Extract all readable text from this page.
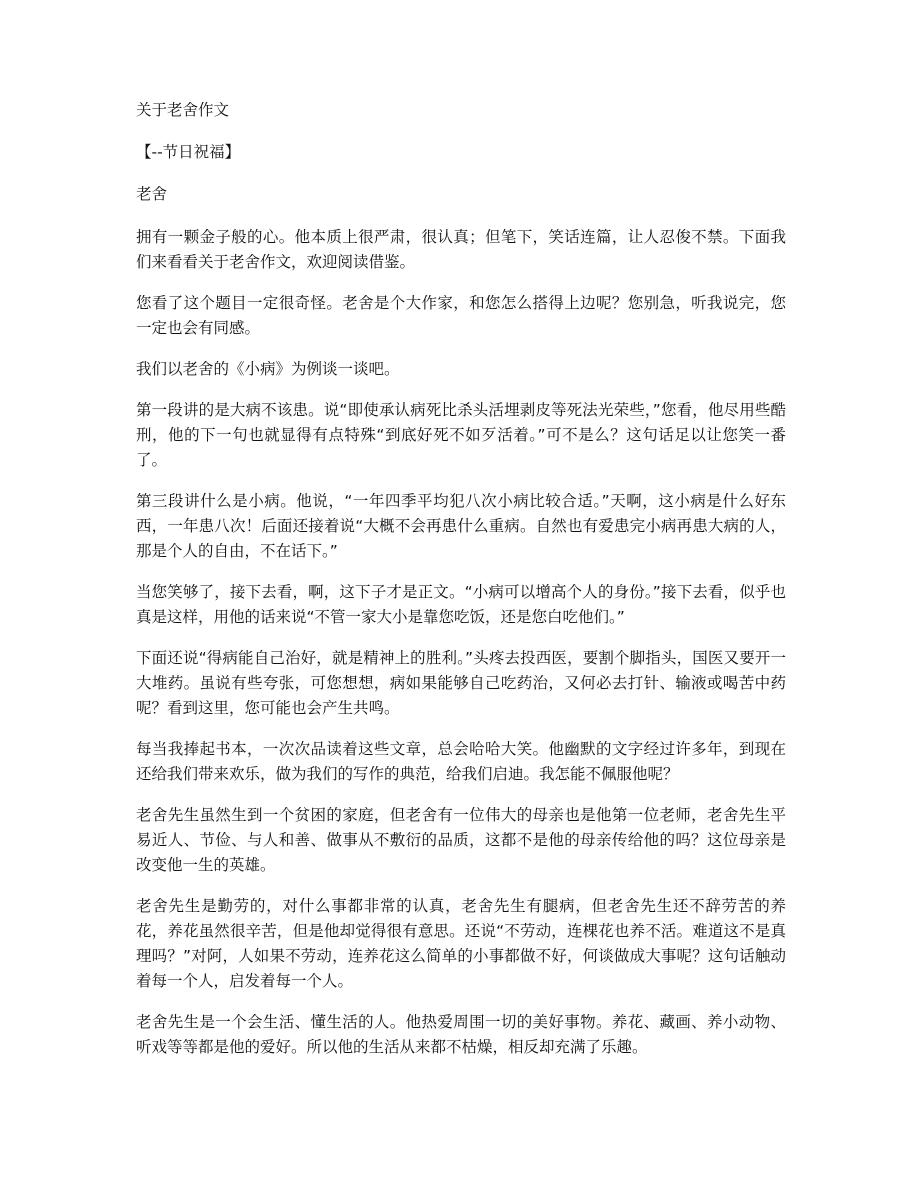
关于老舍作文

【--节日祝福】

老舍

拥有一颗金子般的心。他本质上很严肃，很认真；但笔下，笑话连篇，让人忍俊不禁。下面我们来看看关于老舍作文，欢迎阅读借鉴。

您看了这个题目一定很奇怪。老舍是个大作家，和您怎么搭得上边呢？您别急，听我说完，您一定也会有同感。

我们以老舍的《小病》为例谈一谈吧。

第一段讲的是大病不该患。说“即使承认病死比杀头活埋剥皮等死法光荣些，”您看，他尽用些酷刑，他的下一句也就显得有点特殊“到底好死不如歹活着。”可不是么？这句话足以让您笑一番了。

第三段讲什么是小病。他说，“一年四季平均犯八次小病比较合适。”天啊，这小病是什么好东西，一年患八次！后面还接着说“大概不会再患什么重病。自然也有爱患完小病再患大病的人，那是个人的自由，不在话下。”

当您笑够了，接下去看，啊，这下子才是正文。“小病可以增高个人的身份。”接下去看，似乎也真是这样，用他的话来说“不管一家大小是靠您吃饭，还是您白吃他们。”

下面还说“得病能自己治好，就是精神上的胜利。”头疼去投西医，要割个脚指头，国医又要开一大堆药。虽说有些夸张，可您想想，病如果能够自己吃药治，又何必去打针、输液或喝苦中药呢？看到这里，您可能也会产生共鸣。

每当我捧起书本，一次次品读着这些文章，总会哈哈大笑。他幽默的文字经过许多年，到现在还给我们带来欢乐，做为我们的写作的典范，给我们启迪。我怎能不佩服他呢？

老舍先生虽然生到一个贫困的家庭，但老舍有一位伟大的母亲也是他第一位老师，老舍先生平易近人、节俭、与人和善、做事从不敷衍的品质，这都不是他的母亲传给他的吗？这位母亲是改变他一生的英雄。

老舍先生是勤劳的，对什么事都非常的认真，老舍先生有腿病，但老舍先生还不辞劳苦的养花，养花虽然很辛苦，但是他却觉得很有意思。还说“不劳动，连棵花也养不活。难道这不是真理吗？”对阿，人如果不劳动，连养花这么简单的小事都做不好，何谈做成大事呢？这句话触动着每一个人，启发着每一个人。

老舍先生是一个会生活、懂生活的人。他热爱周围一切的美好事物。养花、藏画、养小动物、听戏等等都是他的爱好。所以他的生活从来都不枯燥，相反却充满了乐趣。
